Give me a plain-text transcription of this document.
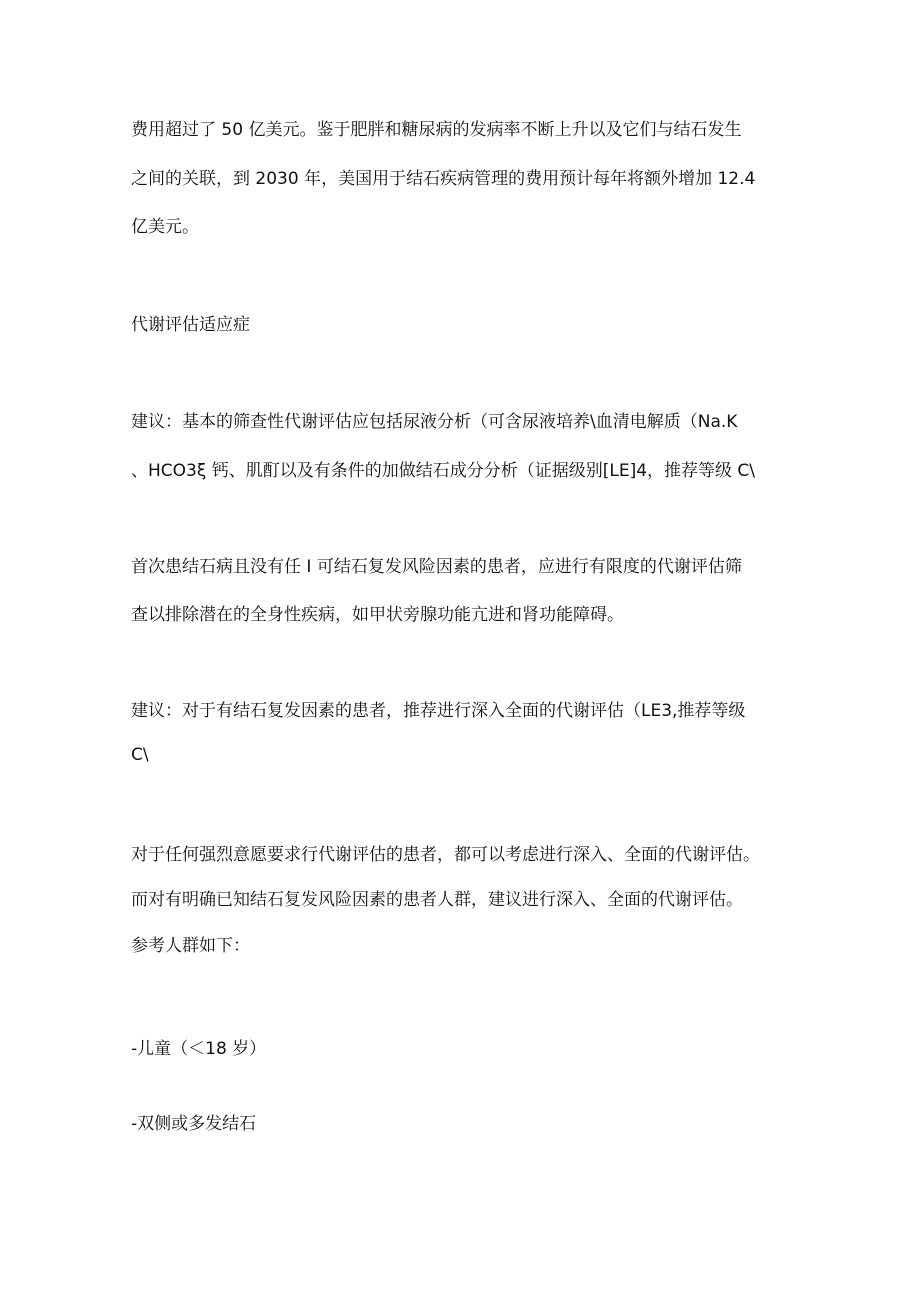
费用超过了 50 亿美元。鉴于肥胖和糖尿病的发病率不断上升以及它们与结石发生
之间的关联，到 2030 年，美国用于结石疾病管理的费用预计每年将额外增加 12.4
亿美元。
代谢评估适应症
建议：基本的筛查性代谢评估应包括尿液分析（可含尿液培养\血清电解质（Na.K
、HCO3ξ 钙、肌酊以及有条件的加做结石成分分析（证据级别[LE]4，推荐等级 C\
首次患结石病且没有任 I 可结石复发风险因素的患者，应进行有限度的代谢评估筛
查以排除潜在的全身性疾病，如甲状旁腺功能亢进和肾功能障碍。
建议：对于有结石复发因素的患者，推荐进行深入全面的代谢评估（LE3,推荐等级
C\
对于任何强烈意愿要求行代谢评估的患者，都可以考虑进行深入、全面的代谢评估。
而对有明确已知结石复发风险因素的患者人群，建议进行深入、全面的代谢评估。
参考人群如下：
-儿童（＜18 岁）
-双侧或多发结石
